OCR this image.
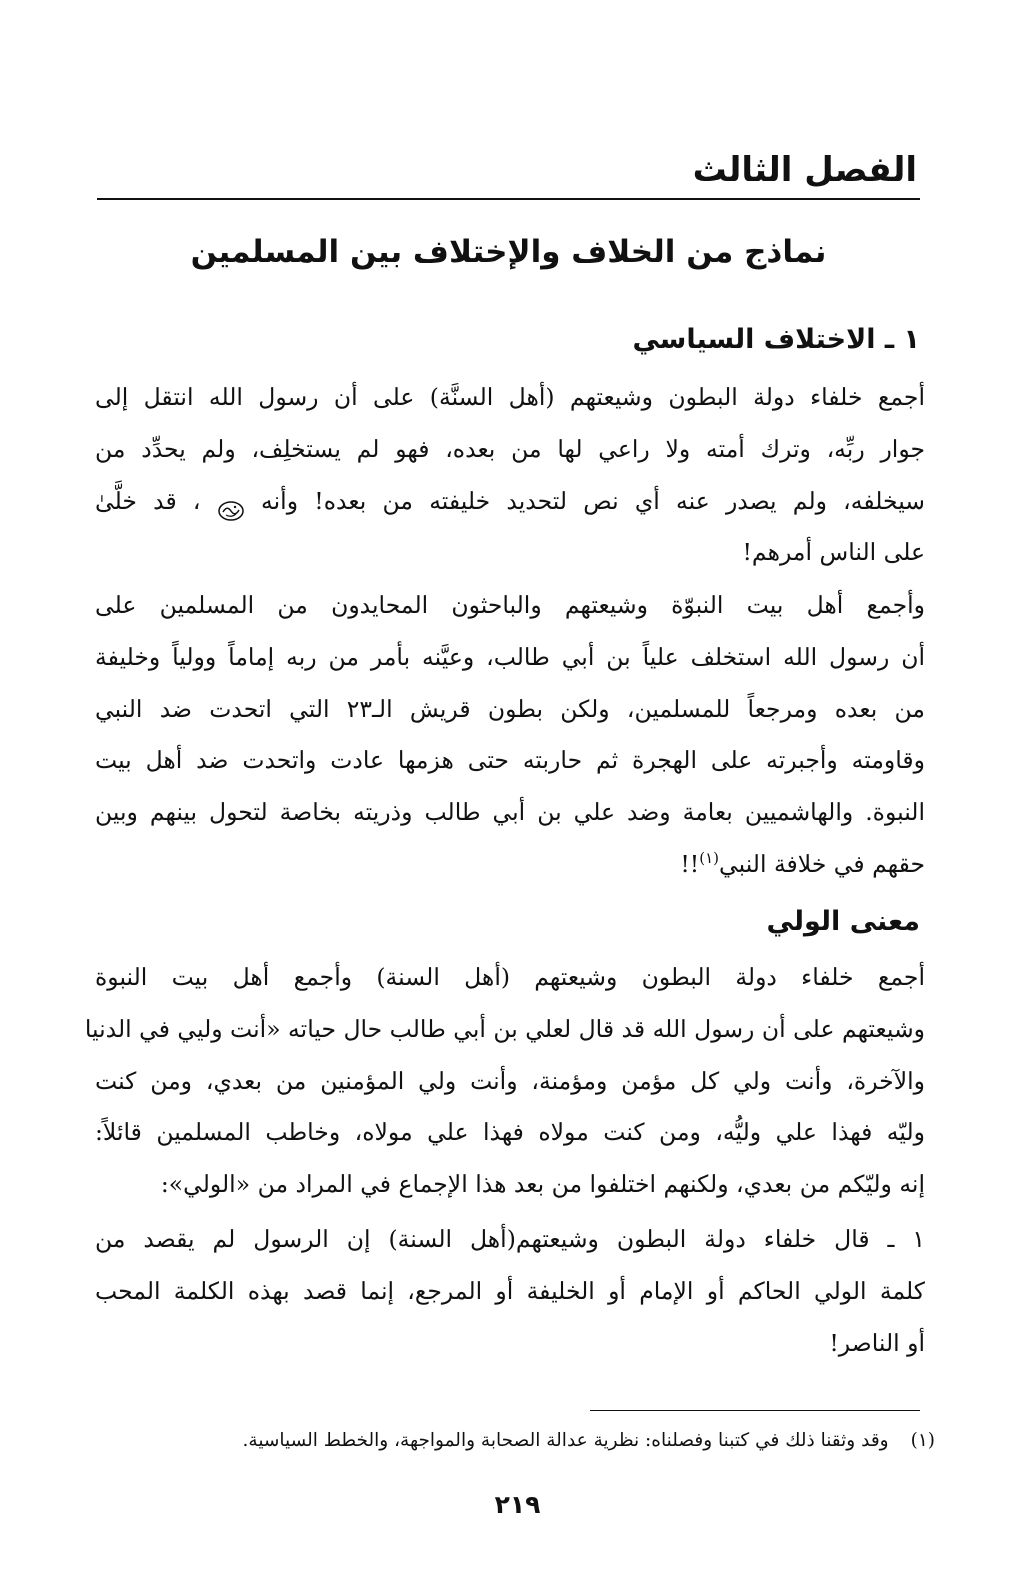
الفصل الثالث
نماذج من الخلاف والإختلاف بين المسلمين
١ ـ الاختلاف السياسي

أجمع خلفاء دولة البطون وشيعتهم (أهل السنَّة) على أن رسول الله انتقل إلى
جوار ربِّه، وترك أمته ولا راعي لها من بعده، فهو لم يستخلِف، ولم يحدِّد من
سيخلفه، ولم يصدر عنه أي نص لتحديد خليفته من بعده! وأنه  ، قد خلَّىٰ
على الناس أمرهم!

وأجمع أهل بيت النبوّة وشيعتهم والباحثون المحايدون من المسلمين على
أن رسول الله استخلف علياً بن أبي طالب، وعيَّنه بأمر من ربه إماماً وولياً وخليفة
من بعده ومرجعاً للمسلمين، ولكن بطون قريش الـ٢٣ التي اتحدت ضد النبي
وقاومته وأجبرته على الهجرة ثم حاربته حتى هزمها عادت واتحدت ضد أهل بيت
النبوة. والهاشميين بعامة وضد علي بن أبي طالب وذريته بخاصة لتحول بينهم وبين
حقهم في خلافة النبي$^{(١)}$!!

معنى الولي

أجمع خلفاء دولة البطون وشيعتهم (أهل السنة) وأجمع أهل بيت النبوة
وشيعتهم على أن رسول الله قد قال لعلي بن أبي طالب حال حياته «أنت وليي في الدنيا
والآخرة، وأنت ولي كل مؤمن ومؤمنة، وأنت ولي المؤمنين من بعدي، ومن كنت
وليّه فهذا علي وليُّه، ومن كنت مولاه فهذا علي مولاه، وخاطب المسلمين قائلاً:
إنه وليّكم من بعدي، ولكنهم اختلفوا من بعد هذا الإجماع في المراد من «الولي»:

١ ـ قال خلفاء دولة البطون وشيعتهم(أهل السنة) إن الرسول لم يقصد من
كلمة الولي الحاكم أو الإمام أو الخليفة أو المرجع، إنما قصد بهذه الكلمة المحب
أو الناصر!

(١)وقد وثقنا ذلك في كتبنا وفصلناه: نظرية عدالة الصحابة والمواجهة، والخطط السياسية.
٢١٩
